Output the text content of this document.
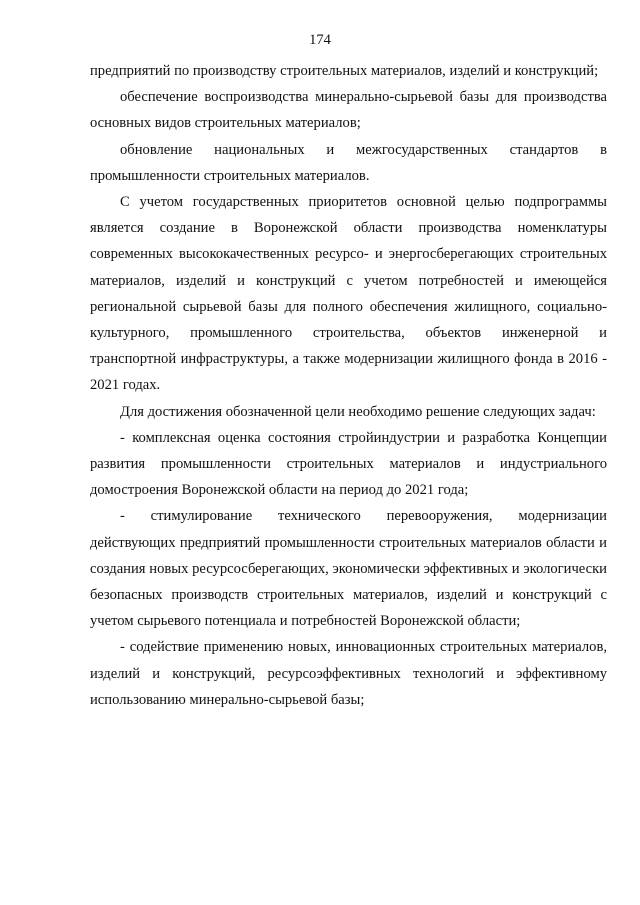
174

предприятий по производству строительных материалов, изделий и конструкций;

обеспечение воспроизводства минерально-сырьевой базы для производства основных видов строительных материалов;

обновление национальных и межгосударственных стандартов в промышленности строительных материалов.

С учетом государственных приоритетов основной целью подпрограммы является создание в Воронежской области производства номенклатуры современных высококачественных ресурсо- и энергосберегающих строительных материалов, изделий и конструкций с учетом потребностей и имеющейся региональной сырьевой базы для полного обеспечения жилищного, социально-культурного, промышленного строительства, объектов инженерной и транспортной инфраструктуры, а также модернизации жилищного фонда в 2016 - 2021 годах.

Для достижения обозначенной цели необходимо решение следующих задач:

- комплексная оценка состояния стройиндустрии и разработка Концепции развития промышленности строительных материалов и индустриального домостроения Воронежской области на период до 2021 года;

- стимулирование технического перевооружения, модернизации действующих предприятий промышленности строительных материалов области и создания новых ресурсосберегающих, экономически эффективных и экологически безопасных производств строительных материалов, изделий и конструкций с учетом сырьевого потенциала и потребностей Воронежской области;

- содействие применению новых, инновационных строительных материалов, изделий и конструкций, ресурсоэффективных технологий и эффективному использованию минерально-сырьевой базы;
